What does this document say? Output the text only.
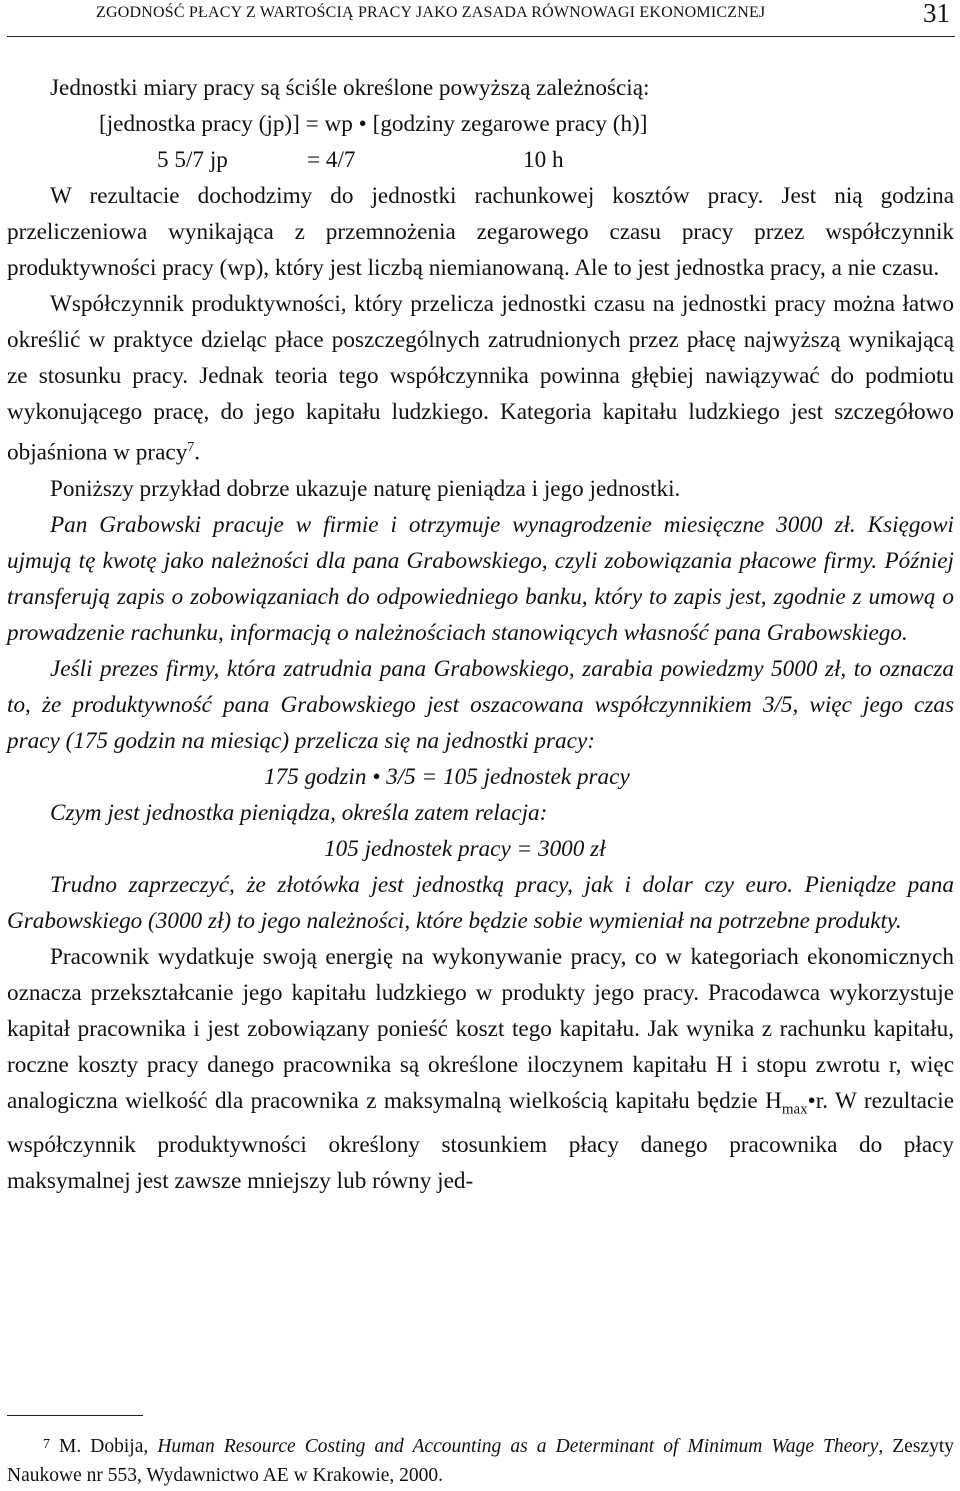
ZGODNOŚĆ PŁACY Z WARTOŚCIĄ PRACY JAKO ZASADA RÓWNOWAGI EKONOMICZNEJ	31

Jednostki miary pracy są ściśle określone powyższą zależnością:

[jednostka pracy (jp)] = wp • [godziny zegarowe pracy (h)]

5 5/7 jp	= 4/7	10 h

W rezultacie dochodzimy do jednostki rachunkowej kosztów pracy. Jest nią godzina przeliczeniowa wynikająca z przemnożenia zegarowego czasu pracy przez współczynnik produktywności pracy (wp), który jest liczbą niemianowaną. Ale to jest jednostka pracy, a nie czasu.

Współczynnik produktywności, który przelicza jednostki czasu na jednostki pracy można łatwo określić w praktyce dzieląc płace poszczególnych zatrudnionych przez płacę najwyższą wynikającą ze stosunku pracy. Jednak teoria tego współczynnika powinna głębiej nawiązywać do podmiotu wykonującego pracę, do jego kapitału ludzkiego. Kategoria kapitału ludzkiego jest szczegółowo objaśniona w pracy$^7$.

Poniższy przykład dobrze ukazuje naturę pieniądza i jego jednostki.

Pan Grabowski pracuje w firmie i otrzymuje wynagrodzenie miesięczne 3000 zł. Księgowi ujmują tę kwotę jako należności dla pana Grabowskiego, czyli zobowiązania płacowe firmy. Później transferują zapis o zobowiązaniach do odpowiedniego banku, który to zapis jest, zgodnie z umową o prowadzenie rachunku, informacją o należnościach stanowiących własność pana Grabowskiego.

Jeśli prezes firmy, która zatrudnia pana Grabowskiego, zarabia powiedzmy 5000 zł, to oznacza to, że produktywność pana Grabowskiego jest oszacowana współczynnikiem 3/5, więc jego czas pracy (175 godzin na miesiąc) przelicza się na jednostki pracy:

175 godzin • 3/5 = 105 jednostek pracy

Czym jest jednostka pieniądza, określa zatem relacja:

105 jednostek pracy = 3000 zł

Trudno zaprzeczyć, że złotówka jest jednostką pracy, jak i dolar czy euro. Pieniądze pana Grabowskiego (3000 zł) to jego należności, które będzie sobie wymieniał na potrzebne produkty.

Pracownik wydatkuje swoją energię na wykonywanie pracy, co w kategoriach ekonomicznych oznacza przekształcanie jego kapitału ludzkiego w produkty jego pracy. Pracodawca wykorzystuje kapitał pracownika i jest zobowiązany ponieść koszt tego kapitału. Jak wynika z rachunku kapitału, roczne koszty pracy danego pracownika są określone iloczynem kapitału H i stopu zwrotu r, więc analogiczna wielkość dla pracownika z maksymalną wielkością kapitału będzie $H_{max}•r$. W rezultacie współczynnik produktywności określony stosunkiem płacy danego pracownika do płacy maksymalnej jest zawsze mniejszy lub równy jed-

7 M. Dobija, Human Resource Costing and Accounting as a Determinant of Minimum Wage Theory, Zeszyty Naukowe nr 553, Wydawnictwo AE w Krakowie, 2000.
